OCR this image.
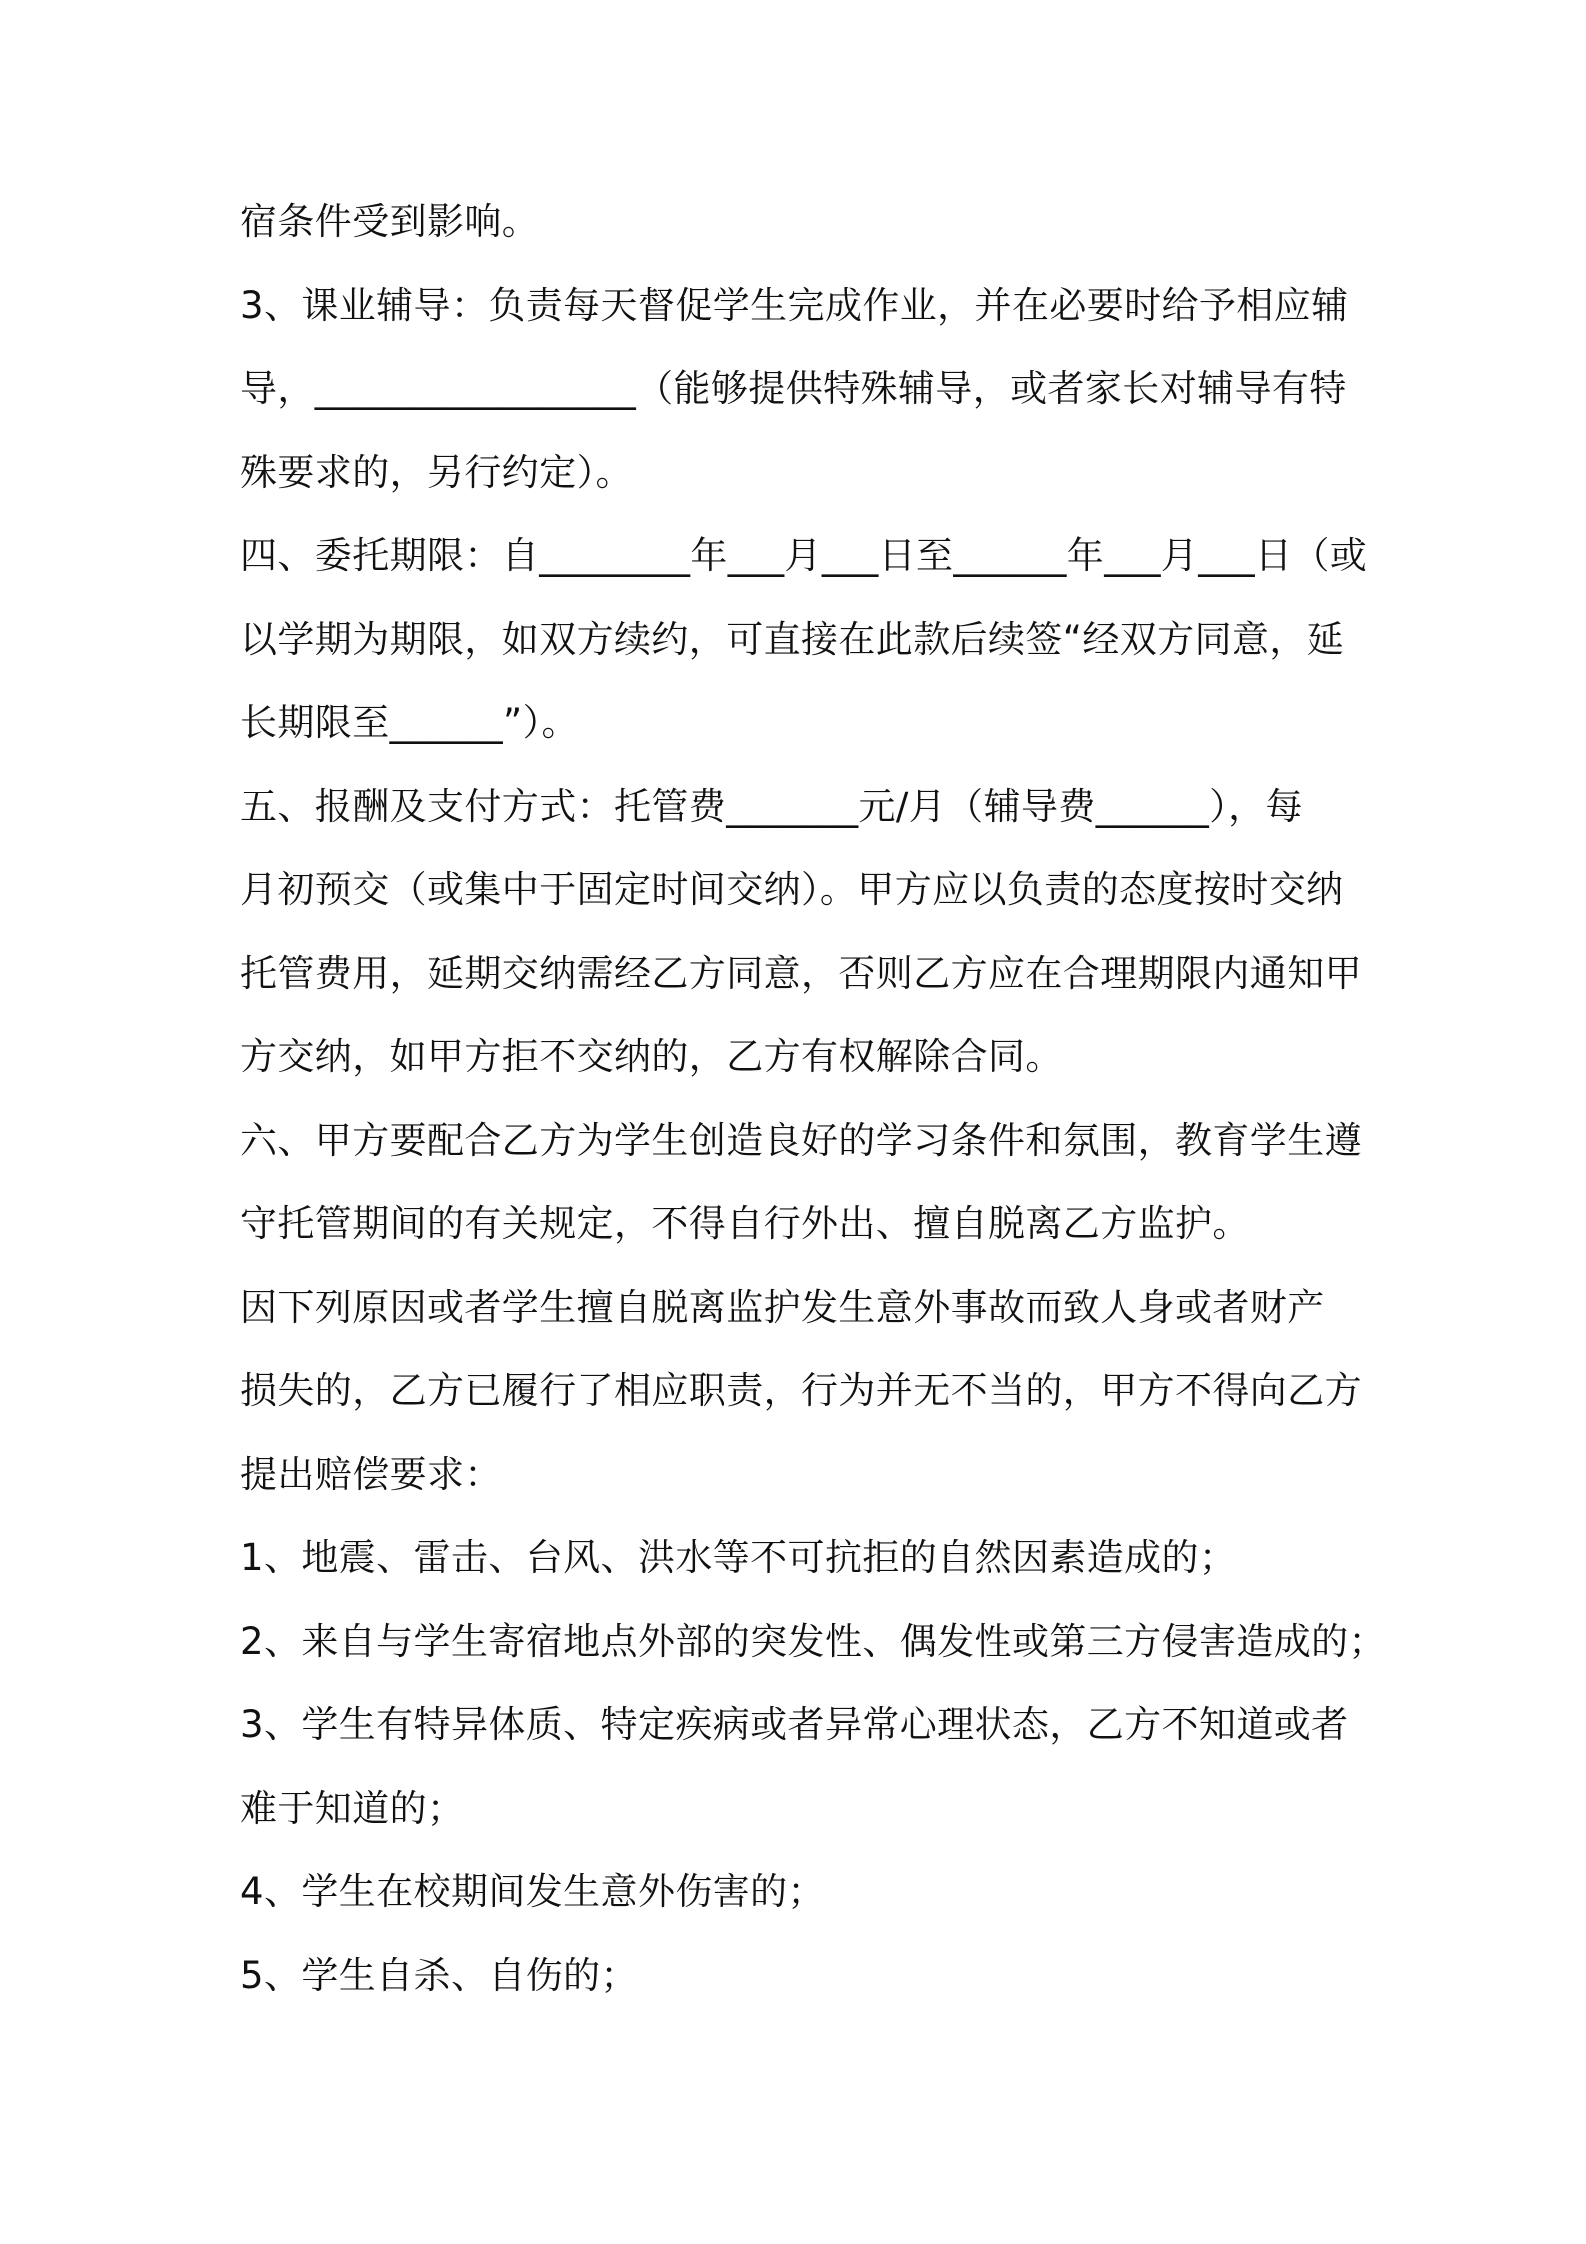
宿条件受到影响。
3、课业辅导：负责每天督促学生完成作业，并在必要时给予相应辅
导，_________________（能够提供特殊辅导，或者家长对辅导有特
殊要求的，另行约定）。
四、委托期限：自________年___月___日至______年___月___日（或
以学期为期限，如双方续约，可直接在此款后续签“经双方同意，延
长期限至______”）。
五、报酬及支付方式：托管费_______元/月（辅导费______），每
月初预交（或集中于固定时间交纳）。甲方应以负责的态度按时交纳
托管费用，延期交纳需经乙方同意，否则乙方应在合理期限内通知甲
方交纳，如甲方拒不交纳的，乙方有权解除合同。
六、甲方要配合乙方为学生创造良好的学习条件和氛围，教育学生遵
守托管期间的有关规定，不得自行外出、擅自脱离乙方监护。
因下列原因或者学生擅自脱离监护发生意外事故而致人身或者财产
损失的，乙方已履行了相应职责，行为并无不当的，甲方不得向乙方
提出赔偿要求：
1、地震、雷击、台风、洪水等不可抗拒的自然因素造成的；
2、来自与学生寄宿地点外部的突发性、偶发性或第三方侵害造成的；
3、学生有特异体质、特定疾病或者异常心理状态，乙方不知道或者
难于知道的；
4、学生在校期间发生意外伤害的；
5、学生自杀、自伤的；
